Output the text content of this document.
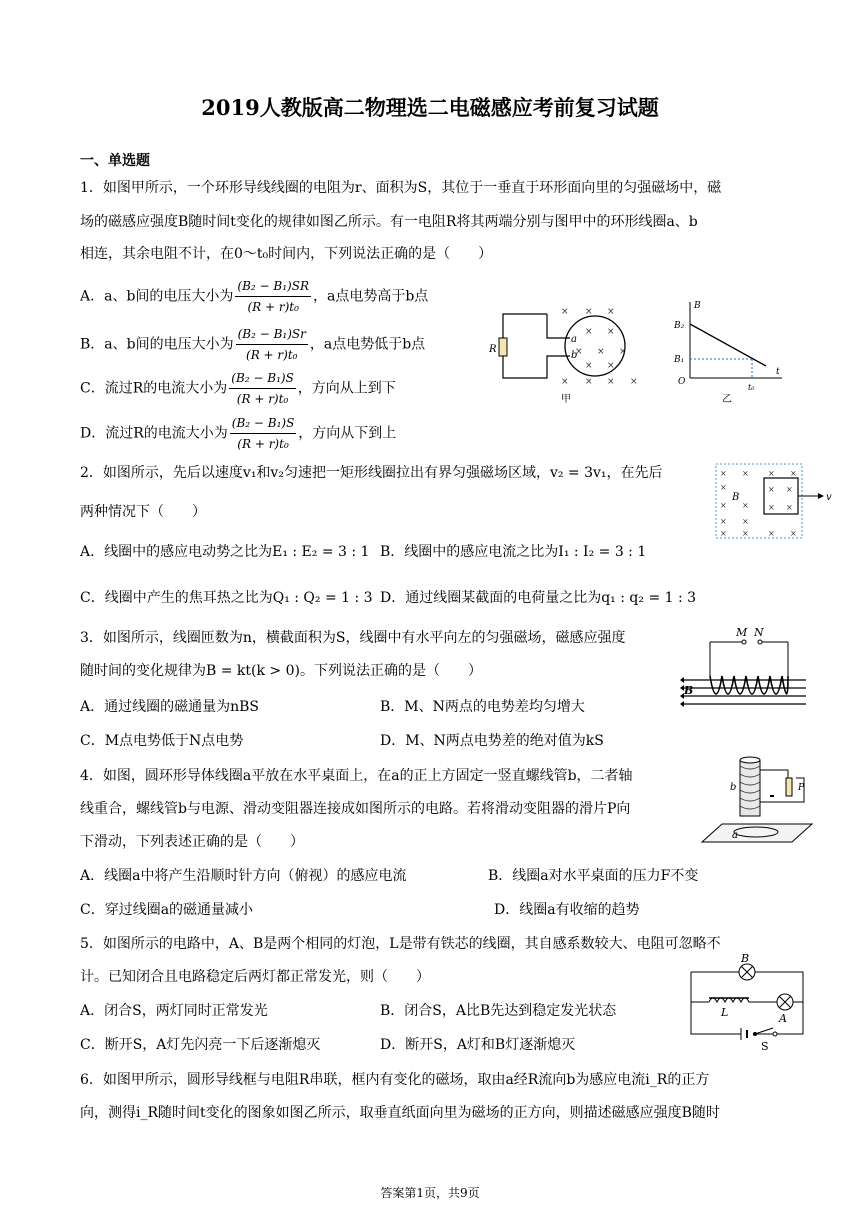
2019人教版高二物理选二电磁感应考前复习试题
一、单选题
1．如图甲所示，一个环形导线线圈的电阻为r、面积为S，其位于一垂直于环形面向里的匀强磁场中，磁
场的磁感应强度B随时间t变化的规律如图乙所示。有一电阻R将其两端分别与图甲中的环形线圈a、b
相连，其余电阻不计，在0～t₀时间内，下列说法正确的是（　　）
A．a、b间的电压大小为 $\frac{\text{(B₂ − B₁)SR}}{\text{(R + r)t₀}}$ ，a点电势高于b点
B．a、b间的电压大小为 $\frac{\text{(B₂ − B₁)Sr}}{\text{(R + r)t₀}}$ ，a点电势低于b点
C．流过R的电流大小为 $\frac{\text{(B₂ − B₁)S}}{\text{(R + r)t₀}}$ ，方向从上到下
D．流过R的电流大小为 $\frac{\text{(B₂ − B₁)S}}{\text{(R + r)t₀}}$ ，方向从下到上
× × ×
× ×
× × ×
× ×
× × × ×
R
a
b
甲
B
B₂
B₁
O
t
t₀
乙
2．如图所示，先后以速度v₁和v₂匀速把一矩形线圈拉出有界匀强磁场区域，v₂ = 3v₁，在先后
两种情况下（　　）
A．线圈中的感应电动势之比为E₁ : E₂ = 3 : 1 B．线圈中的感应电流之比为I₁ : I₂ = 3 : 1
C．线圈中产生的焦耳热之比为Q₁ : Q₂ = 1 : 3 D．通过线圈某截面的电荷量之比为q₁ : q₂ = 1 : 3
× × × ×
×	× ×
× × × ×
× ×
× × × ×
B	v
3．如图所示，线圈匝数为n，横截面积为S，线圈中有水平向左的匀强磁场，磁感应强度
随时间的变化规律为B = kt(k > 0)。下列说法正确的是（　　）
A．通过线圈的磁通量为nBS	B．M、N两点的电势差均匀增大
C．M点电势低于N点电势	D．M、N两点电势差的绝对值为kS
M N
B
4．如图，圆环形导体线圈a平放在水平桌面上，在a的正上方固定一竖直螺线管b，二者轴
线重合，螺线管b与电源、滑动变阻器连接成如图所示的电路。若将滑动变阻器的滑片P向
下滑动，下列表述正确的是（　　）
A．线圈a中将产生沿顺时针方向（俯视）的感应电流	B．线圈a对水平桌面的压力F不变
C．穿过线圈a的磁通量减小	D．线圈a有收缩的趋势
b
a
P
5．如图所示的电路中，A、B是两个相同的灯泡，L是带有铁芯的线圈，其自感系数较大、电阻可忽略不
计。已知闭合且电路稳定后两灯都正常发光，则（　　）
A．闭合S，两灯同时正常发光	B．闭合S，A比B先达到稳定发光状态
C．断开S，A灯先闪亮一下后逐渐熄灭	D．断开S，A灯和B灯逐渐熄灭
B
L	A
S
6．如图甲所示，圆形导线框与电阻R串联，框内有变化的磁场，取由a经R流向b为感应电流i_R的正方
向，测得i_R随时间t变化的图象如图乙所示，取垂直纸面向里为磁场的正方向，则描述磁感应强度B随时
答案第1页，共9页
